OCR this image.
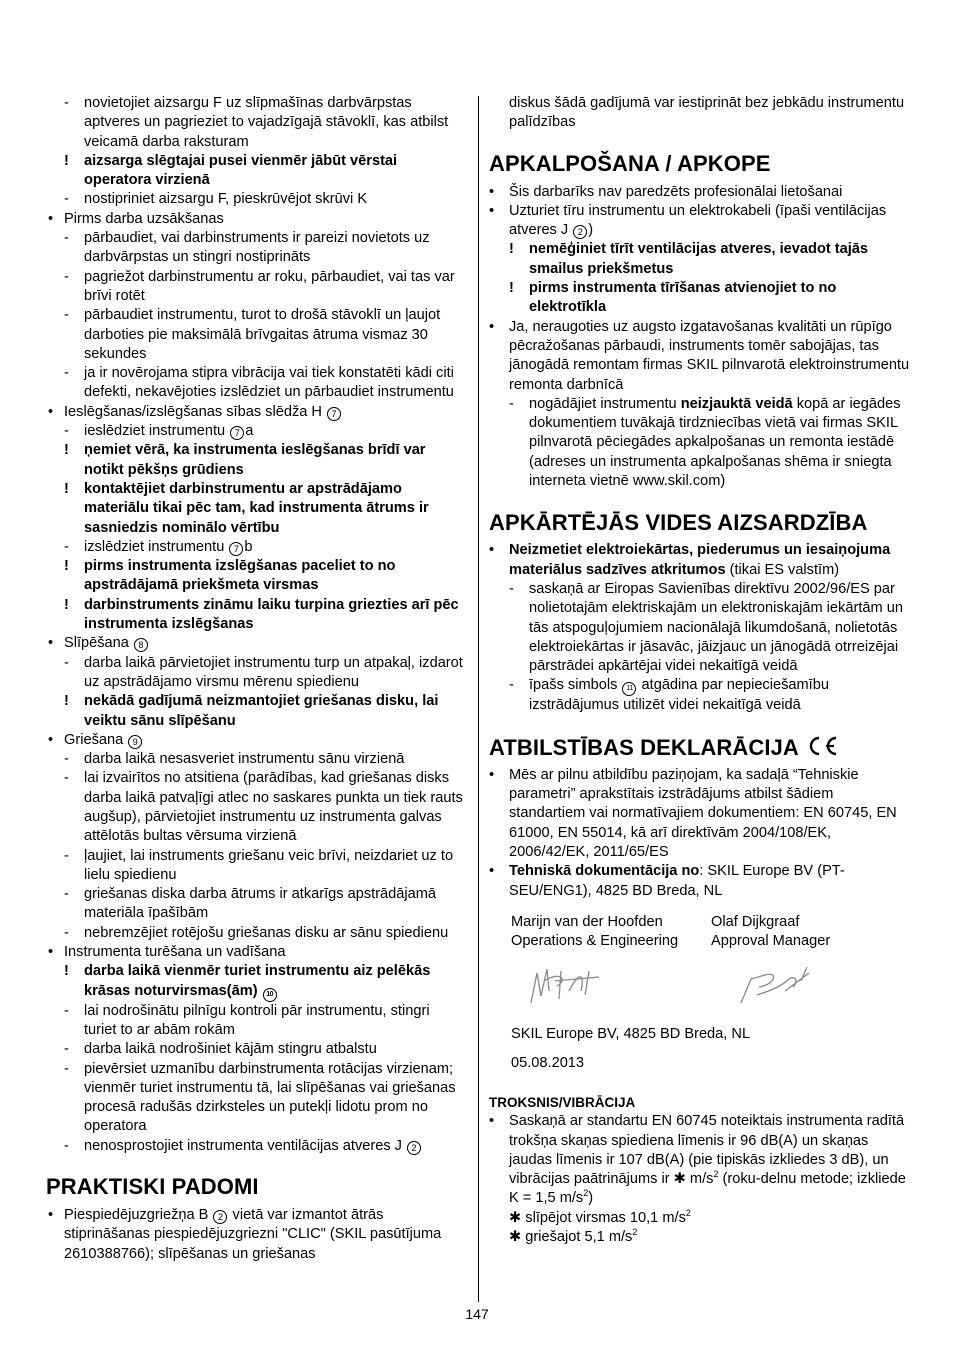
- novietojiet aizsargu F uz slīpmašīnas darbvārpstas aptveres un pagrieziet to vajadzīgajā stāvoklī, kas atbilst veicamā darba raksturam
! aizsarga slēgtajai pusei vienmēr jābūt vērstai operatora virzienā
- nostipriniet aizsargu F, pieskrūvējot skrūvi K
• Pirms darba uzsākšanas
- pārbaudiet, vai darbinstruments ir pareizi novietots uz darbvārpstas un stingri nostiprināts
- pagriežot darbinstrumentu ar roku, pārbaudiet, vai tas var brīvi rotēt
- pārbaudiet instrumentu, turot to drošā stāvoklī un ļaujot darboties pie maksimālā brīvgaitas ātruma vismaz 30 sekundes
- ja ir novērojama stipra vibrācija vai tiek konstatēti kādi citi defekti, nekavējoties izslēdziet un pārbaudiet instrumentu
• Ieslēgšanas/izslēgšanas sības slēdža H 7
- ieslēdziet instrumentu 7 a
! ņemiet vērā, ka instrumenta ieslēgšanas brīdī var notikt pēkšņs grūdiens
! kontaktējiet darbinstrumentu ar apstrādājamo materiālu tikai pēc tam, kad instrumenta ātrums ir sasniedzis nominālo vērtību
- izslēdziet instrumentu 7 b
! pirms instrumenta izslēgšanas paceliet to no apstrādājamā priekšmeta virsmas
! darbinstruments zināmu laiku turpina griezties arī pēc instrumenta izslēgšanas
• Slīpēšana 8
- darba laikā pārvietojiet instrumentu turp un atpakaļ, izdarot uz apstrādājamo virsmu mērenu spiedienu
! nekādā gadījumā neizmantojiet griešanas disku, lai veiktu sānu slīpēšanu
• Griešana 9
- darba laikā nesasveriet instrumentu sānu virzienā
- lai izvairītos no atsitiena (parādības, kad griešanas disks darba laikā patvaļīgi atlec no saskares punkta un tiek rauts augšup), pārvietojiet instrumentu uz instrumenta galvas attēlotās bultas vērsuma virzienā
- ļaujiet, lai instruments griešanu veic brīvi, neizdariet uz to lielu spiedienu
- griešanas diska darba ātrums ir atkarīgs apstrādājamā materiāla īpašībām
- nebremzējiet rotējošu griešanas disku ar sānu spiedienu
• Instrumenta turēšana un vadīšana
! darba laikā vienmēr turiet instrumentu aiz pelēkās krāsas noturvirsmas(ām) 10
- lai nodrošinātu pilnīgu kontroli pār instrumentu, stingri turiet to ar abām rokām
- darba laikā nodrošiniet kājām stingru atbalstu
- pievērsiet uzmanību darbinstrumenta rotācijas virzienam; vienmēr turiet instrumentu tā, lai slīpēšanas vai griešanas procesā radušās dzirksteles un putekļi lidotu prom no operatora
- nenosprostojiet instrumenta ventilācijas atveres J 2
PRAKTISKI PADOMI
• Piespiedējuzgriežņa B 2 vietā var izmantot ātrās stiprināšanas piespiedējuzgriezni "CLIC" (SKIL pasūtījuma 2610388766); slīpēšanas un griešanas
diskus šādā gadījumā var iestiprināt bez jebkādu instrumentu palīdzības
APKALPOŠANA / APKOPE
• Šis darbarīks nav paredzēts profesionālai lietošanai
• Uzturiet tīru instrumentu un elektrokabeli (īpaši ventilācijas atveres J 2 )
! nemēģiniet tīrīt ventilācijas atveres, ievadot tajās smailus priekšmetus
! pirms instrumenta tīrīšanas atvienojiet to no elektrotīkla
• Ja, neraugoties uz augsto izgatavošanas kvalitāti un rūpīgo pēcražošanas pārbaudi, instruments tomēr sabojājas, tas jānogādā remontam firmas SKIL pilnvarotā elektroinstrumentu remonta darbnīcā
- nogādājiet instrumentu neizjauktā veidā kopā ar iegādes dokumentiem tuvākajā tirdzniecības vietā vai firmas SKIL pilnvarotā pēciegādes apkalpošanas un remonta iestādē (adreses un instrumenta apkalpošanas shēma ir sniegta interneta vietnē www.skil.com)
APKĀRTĒJĀS VIDES AIZSARDZĪBA
• Neizmetiet elektroiekārtas, piederumus un iesaiņojuma materiālus sadzīves atkritumos (tikai ES valstīm)
- saskaņā ar Eiropas Savienības direktīvu 2002/96/ES par nolietotajām elektriskajām un elektroniskajām iekārtām un tās atspoguļojumiem nacionālajā likumdošanā, nolietotās elektroiekārtas ir jāsavāc, jāizjauc un jānogādā otrreizējai pārstrādei apkārtējai videi nekaitīgā veidā
- īpašs simbols 11 atgādina par nepieciešamību izstrādājumus utilizēt videi nekaitīgā veidā
ATBILSTĪBAS DEKLARĀCIJA
• Mēs ar pilnu atbildību paziņojam, ka sadaļā “Tehniskie parametri” aprakstītais izstrādājums atbilst šādiem standartiem vai normatīvajiem dokumentiem: EN 60745, EN 61000, EN 55014, kā arī direktīvām 2004/108/EK, 2006/42/EK, 2011/65/ES
• Tehniskā dokumentācija no: SKIL Europe BV (PT-SEU/ENG1), 4825 BD Breda, NL
Marijn van der Hoofden
Operations & Engineering
Olaf Dijkgraaf
Approval Manager
SKIL Europe BV, 4825 BD Breda, NL
05.08.2013
TROKSNIS/VIBRĀCIJA
• Saskaņā ar standartu EN 60745 noteiktais instrumenta radītā trokšņa skaņas spiediena līmenis ir 96 dB(A) un skaņas jaudas līmenis ir 107 dB(A) (pie tipiskās izkliedes 3 dB), un vibrācijas paātrinājums ir ✱ $m/s^2$ (roku-delnu metode; izkliede K = 1,5 $m/s^2$)
✱ slīpējot virsmas 10,1 $m/s^2$
✱ griešajot 5,1 $m/s^2$
147
